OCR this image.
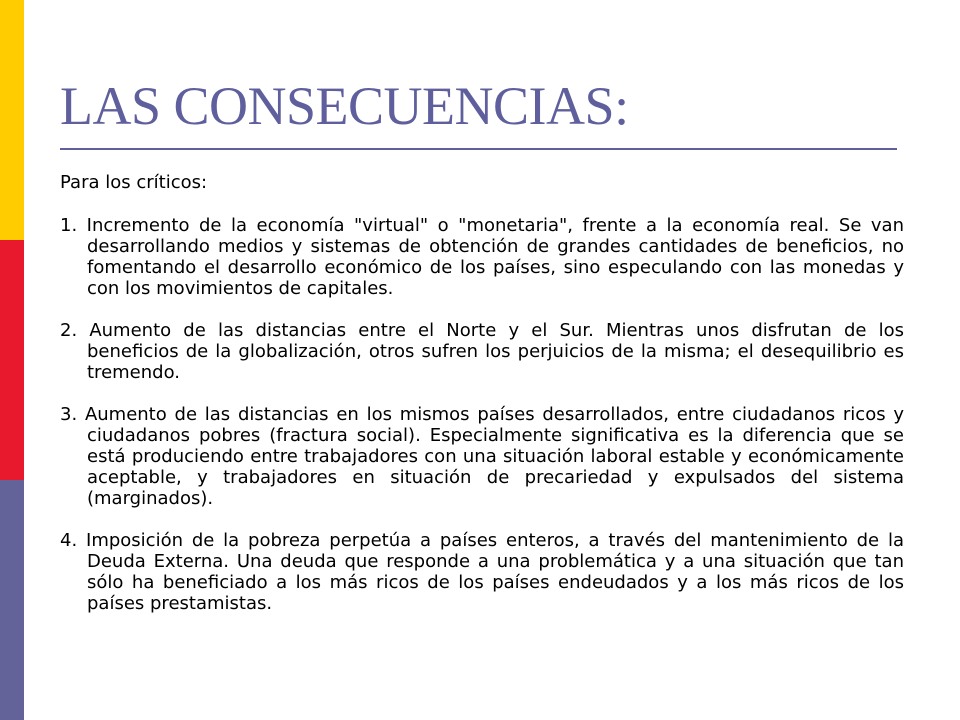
LAS CONSECUENCIAS:

Para los críticos:

1. Incremento de la economía "virtual" o "monetaria", frente a la economía real. Se van desarrollando medios y sistemas de obtención de grandes cantidades de beneficios, no fomentando el desarrollo económico de los países, sino especulando con las monedas y con los movimientos de capitales.

2. Aumento de las distancias entre el Norte y el Sur. Mientras unos disfrutan de los beneficios de la globalización, otros sufren los perjuicios de la misma; el desequilibrio es tremendo.

3. Aumento de las distancias en los mismos países desarrollados, entre ciudadanos ricos y ciudadanos pobres (fractura social). Especialmente significativa es la diferencia que se está produciendo entre trabajadores con una situación laboral estable y económicamente aceptable, y trabajadores en situación de precariedad y expulsados del sistema (marginados).

4. Imposición de la pobreza perpetúa a países enteros, a través del mantenimiento de la Deuda Externa. Una deuda que responde a una problemática y a una situación que tan sólo ha beneficiado a los más ricos de los países endeudados y a los más ricos de los países prestamistas.
